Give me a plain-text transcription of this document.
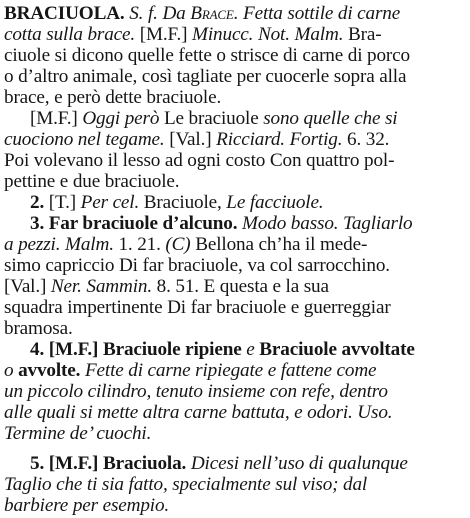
BRACIUOLA. S. f. Da Brace. Fetta sottile di carne
cotta sulla brace. [M.F.] Minucc. Not. Malm. Bra-
ciuole si dicono quelle fette o strisce di carne di porco
o d’altro animale, così tagliate per cuocerle sopra alla
brace, e però dette braciuole.
[M.F.] Oggi però Le braciuole sono quelle che si
cuociono nel tegame. [Val.] Ricciard. Fortig. 6. 32.
Poi volevano il lesso ad ogni costo Con quattro pol-
pettine e due braciuole.
2. [T.] Per cel. Braciuole, Le facciuole.
3. Far braciuole d’alcuno. Modo basso. Tagliarlo
a pezzi. Malm. 1. 21. (C) Bellona ch’ha il mede-
simo capriccio Di far braciuole, va col sarrocchino.
[Val.] Ner. Sammin. 8. 51. E questa e la sua
squadra impertinente Di far braciuole e guerreggiar
bramosa.
4. [M.F.] Braciuole ripiene e Braciuole avvoltate
o avvolte. Fette di carne ripiegate e fattene come
un piccolo cilindro, tenuto insieme con refe, dentro
alle quali si mette altra carne battuta, e odori. Uso.
Termine de’ cuochi.
5. [M.F.] Braciuola. Dicesi nell’uso di qualunque
Taglio che ti sia fatto, specialmente sul viso; dal
barbiere per esempio.
